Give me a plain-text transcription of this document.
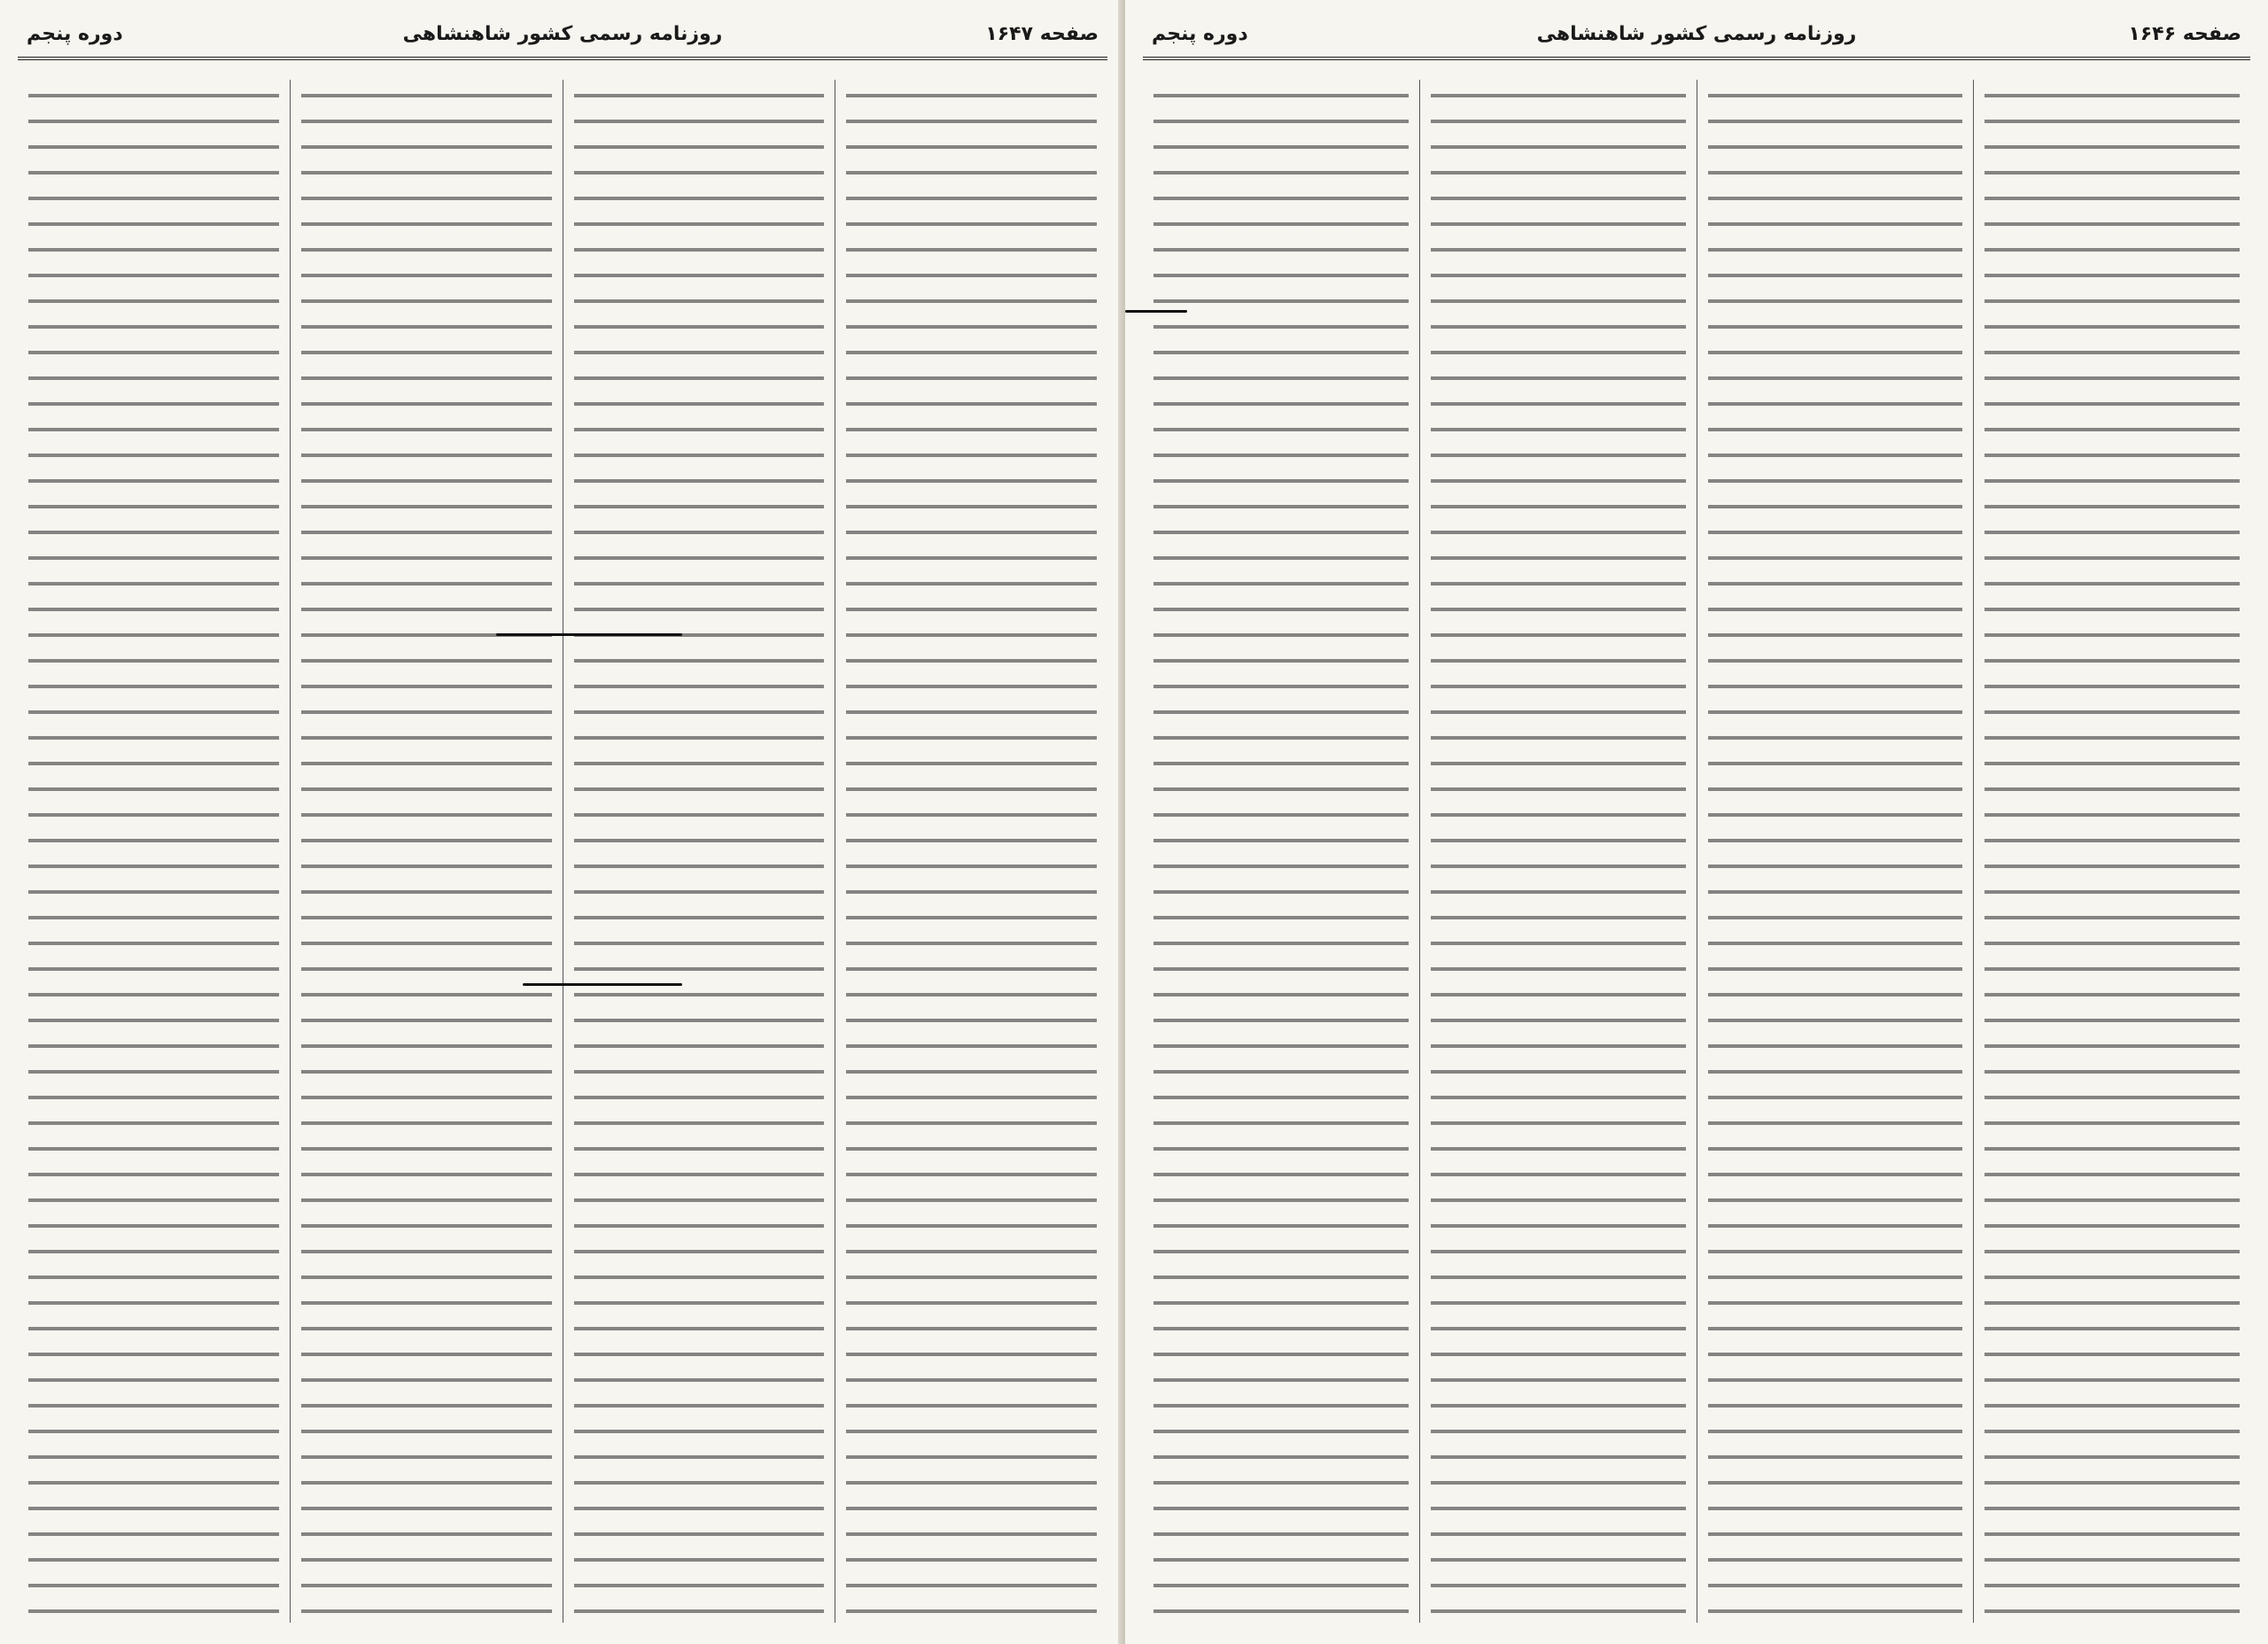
صفحه ۱۶۴۷
روزنامه رسمی کشور شاهنشاهی
دوره پنجم	صفحه ۱۶۴۶
روزنامه رسمی کشور شاهنشاهی
دوره پنجم
